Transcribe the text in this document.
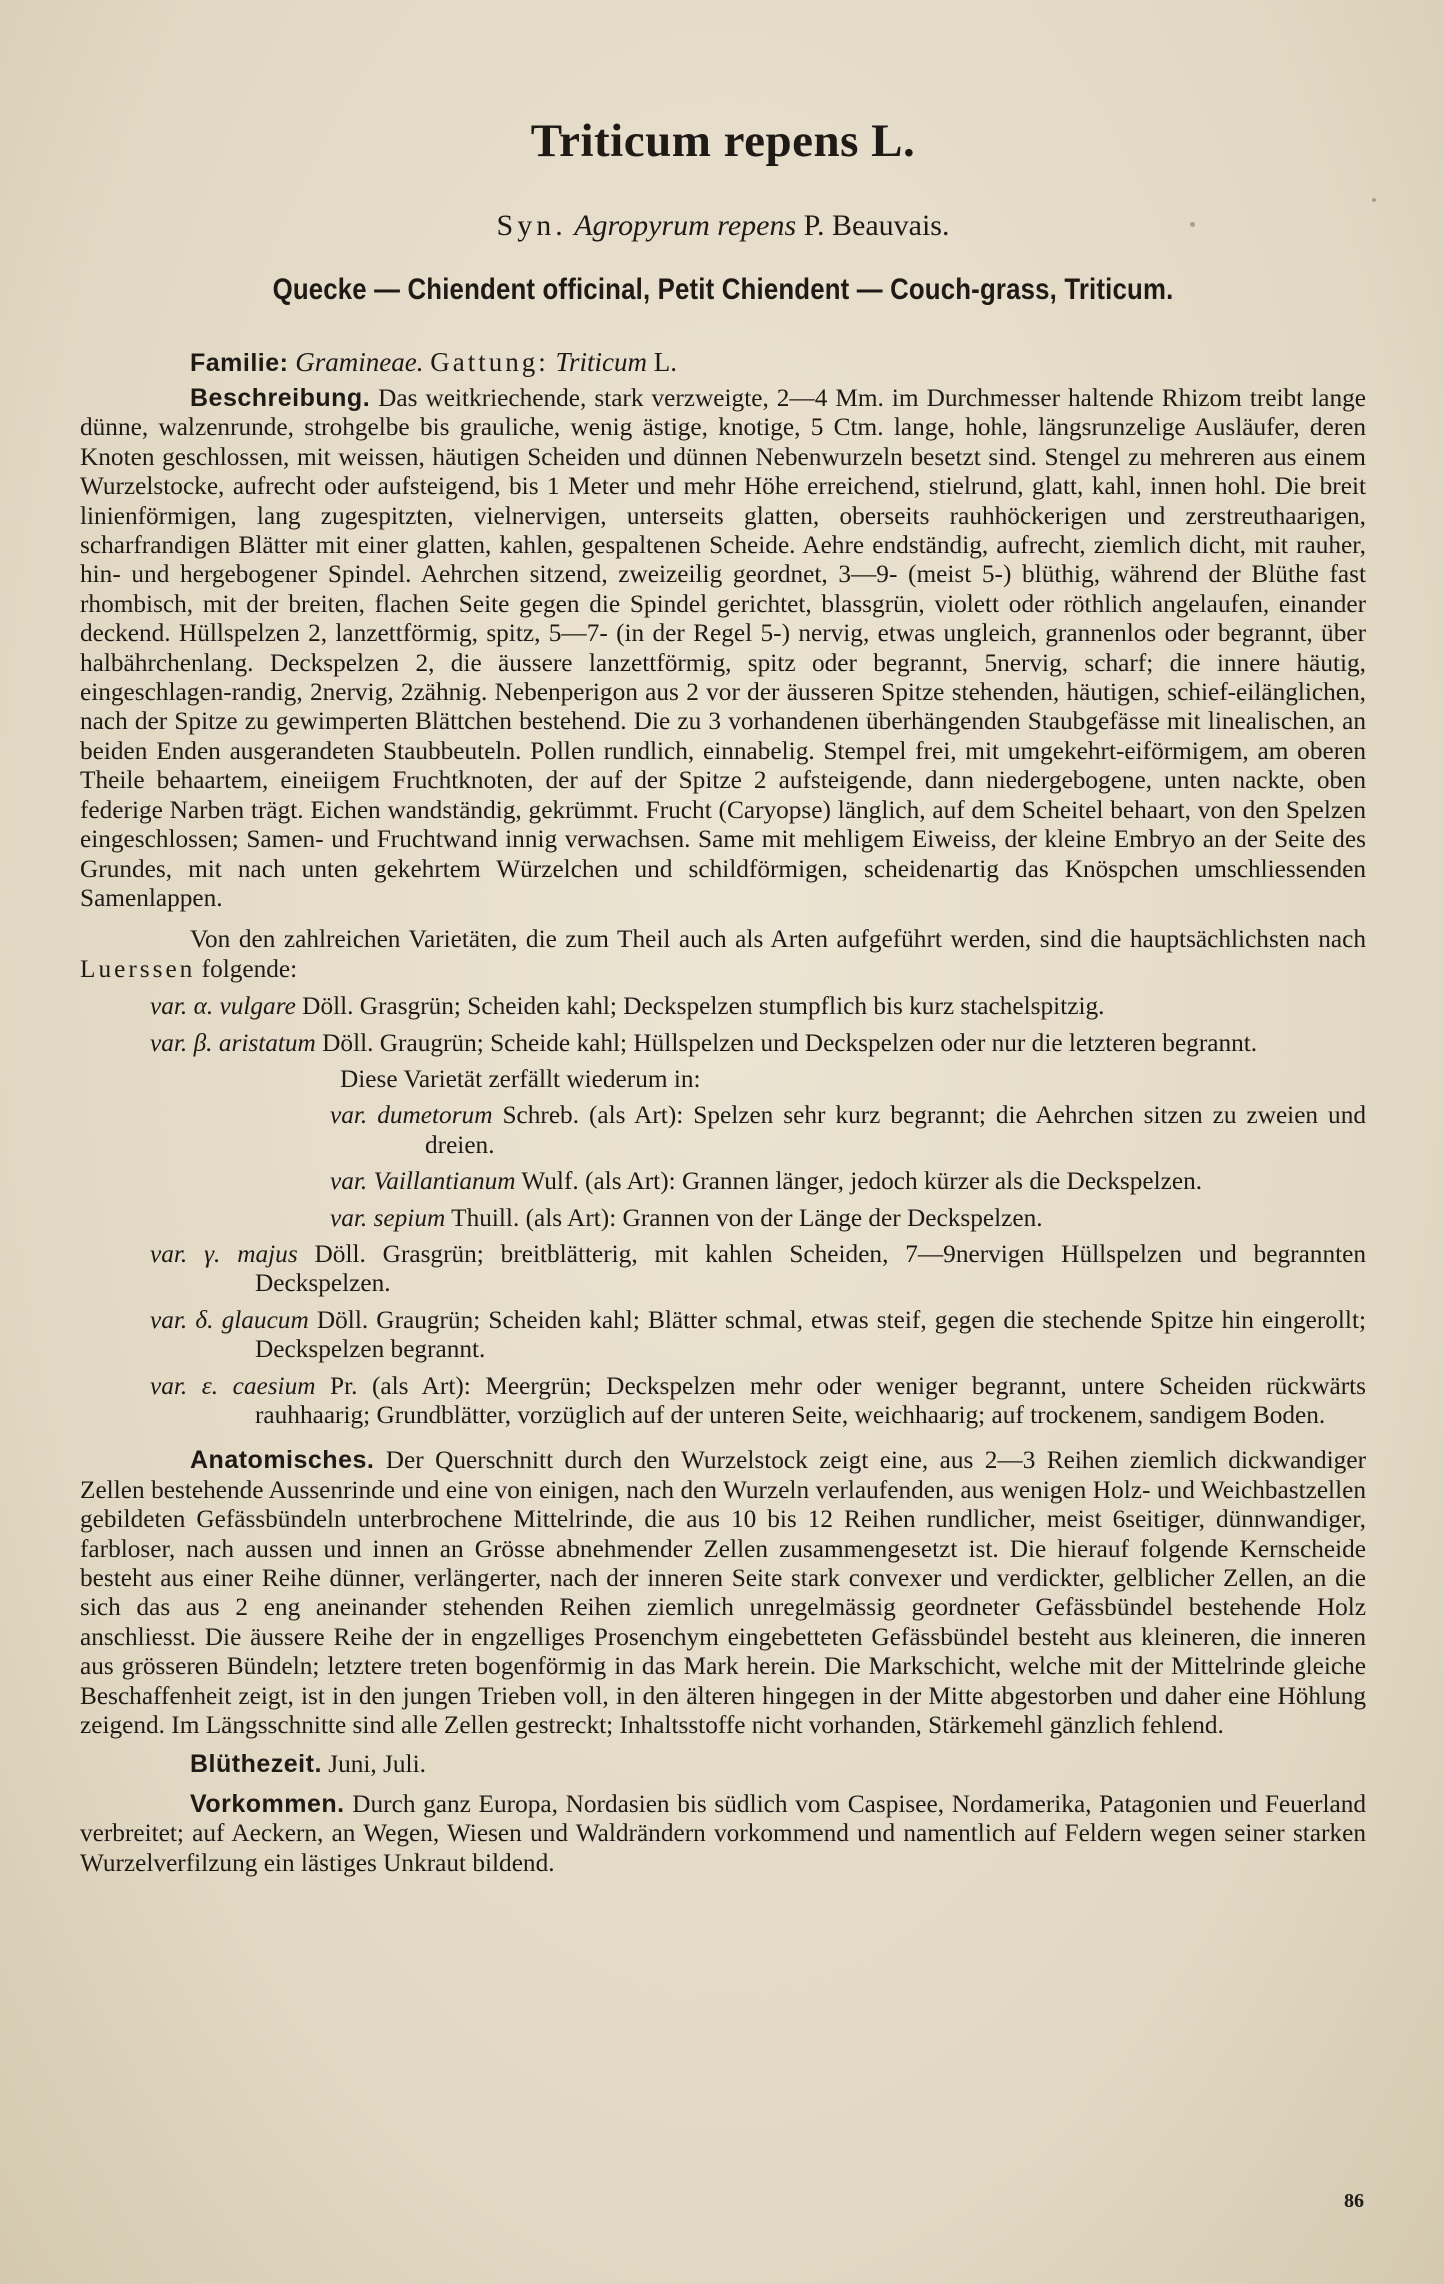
Triticum repens L.
Syn. Agropyrum repens P. Beauvais.
Quecke — Chiendent officinal, Petit Chiendent — Couch-grass, Triticum.
Familie: Gramineae. Gattung: Triticum L.

Beschreibung. Das weitkriechende, stark verzweigte, 2—4 Mm. im Durchmesser haltende Rhizom treibt lange dünne, walzenrunde, strohgelbe bis grauliche, wenig ästige, knotige, 5 Ctm. lange, hohle, längsrunzelige Ausläufer, deren Knoten geschlossen, mit weissen, häutigen Scheiden und dünnen Nebenwurzeln besetzt sind. Stengel zu mehreren aus einem Wurzelstocke, aufrecht oder aufsteigend, bis 1 Meter und mehr Höhe erreichend, stielrund, glatt, kahl, innen hohl. Die breit linienförmigen, lang zugespitzten, vielnervigen, unterseits glatten, oberseits rauhhöckerigen und zerstreuthaarigen, scharfrandigen Blätter mit einer glatten, kahlen, gespaltenen Scheide. Aehre endständig, aufrecht, ziemlich dicht, mit rauher, hin- und hergebogener Spindel. Aehrchen sitzend, zweizeilig geordnet, 3—9- (meist 5-) blüthig, während der Blüthe fast rhombisch, mit der breiten, flachen Seite gegen die Spindel gerichtet, blassgrün, violett oder röthlich angelaufen, einander deckend. Hüllspelzen 2, lanzettförmig, spitz, 5—7- (in der Regel 5-) nervig, etwas ungleich, grannenlos oder begrannt, über halbährchenlang. Deckspelzen 2, die äussere lanzettförmig, spitz oder begrannt, 5nervig, scharf; die innere häutig, eingeschlagen-randig, 2nervig, 2zähnig. Nebenperigon aus 2 vor der äusseren Spitze stehenden, häutigen, schief-eilänglichen, nach der Spitze zu gewimperten Blättchen bestehend. Die zu 3 vorhandenen überhängenden Staubgefässe mit linealischen, an beiden Enden ausgerandeten Staubbeuteln. Pollen rundlich, einnabelig. Stempel frei, mit umgekehrt-eiförmigem, am oberen Theile behaartem, eineiigem Fruchtknoten, der auf der Spitze 2 aufsteigende, dann niedergebogene, unten nackte, oben federige Narben trägt. Eichen wandständig, gekrümmt. Frucht (Caryopse) länglich, auf dem Scheitel behaart, von den Spelzen eingeschlossen; Samen- und Fruchtwand innig verwachsen. Same mit mehligem Eiweiss, der kleine Embryo an der Seite des Grundes, mit nach unten gekehrtem Würzelchen und schildförmigen, scheidenartig das Knöspchen umschliessenden Samenlappen.

Von den zahlreichen Varietäten, die zum Theil auch als Arten aufgeführt werden, sind die hauptsächlichsten nach Luerssen folgende:

var. α. vulgare Döll. Grasgrün; Scheiden kahl; Deckspelzen stumpflich bis kurz stachelspitzig.
var. β. aristatum Döll. Graugrün; Scheide kahl; Hüllspelzen und Deckspelzen oder nur die letzteren begrannt.
Diese Varietät zerfällt wiederum in:
var. dumetorum Schreb. (als Art): Spelzen sehr kurz begrannt; die Aehrchen sitzen zu zweien und dreien.
var. Vaillantianum Wulf. (als Art): Grannen länger, jedoch kürzer als die Deckspelzen.
var. sepium Thuill. (als Art): Grannen von der Länge der Deckspelzen.
var. γ. majus Döll. Grasgrün; breitblätterig, mit kahlen Scheiden, 7—9nervigen Hüllspelzen und begrannten Deckspelzen.
var. δ. glaucum Döll. Graugrün; Scheiden kahl; Blätter schmal, etwas steif, gegen die stechende Spitze hin eingerollt; Deckspelzen begrannt.
var. ε. caesium Pr. (als Art): Meergrün; Deckspelzen mehr oder weniger begrannt, untere Scheiden rückwärts rauhhaarig; Grundblätter, vorzüglich auf der unteren Seite, weichhaarig; auf trockenem, sandigem Boden.

Anatomisches. Der Querschnitt durch den Wurzelstock zeigt eine, aus 2—3 Reihen ziemlich dickwandiger Zellen bestehende Aussenrinde und eine von einigen, nach den Wurzeln verlaufenden, aus wenigen Holz- und Weichbastzellen gebildeten Gefässbündeln unterbrochene Mittelrinde, die aus 10 bis 12 Reihen rundlicher, meist 6seitiger, dünnwandiger, farbloser, nach aussen und innen an Grösse abnehmender Zellen zusammengesetzt ist. Die hierauf folgende Kernscheide besteht aus einer Reihe dünner, verlängerter, nach der inneren Seite stark convexer und verdickter, gelblicher Zellen, an die sich das aus 2 eng aneinander stehenden Reihen ziemlich unregelmässig geordneter Gefässbündel bestehende Holz anschliesst. Die äussere Reihe der in engzelliges Prosenchym eingebetteten Gefässbündel besteht aus kleineren, die inneren aus grösseren Bündeln; letztere treten bogenförmig in das Mark herein. Die Markschicht, welche mit der Mittelrinde gleiche Beschaffenheit zeigt, ist in den jungen Trieben voll, in den älteren hingegen in der Mitte abgestorben und daher eine Höhlung zeigend. Im Längsschnitte sind alle Zellen gestreckt; Inhaltsstoffe nicht vorhanden, Stärkemehl gänzlich fehlend.

Blüthezeit. Juni, Juli.

Vorkommen. Durch ganz Europa, Nordasien bis südlich vom Caspisee, Nordamerika, Patagonien und Feuerland verbreitet; auf Aeckern, an Wegen, Wiesen und Waldrändern vorkommend und namentlich auf Feldern wegen seiner starken Wurzelverfilzung ein lästiges Unkraut bildend.

86
